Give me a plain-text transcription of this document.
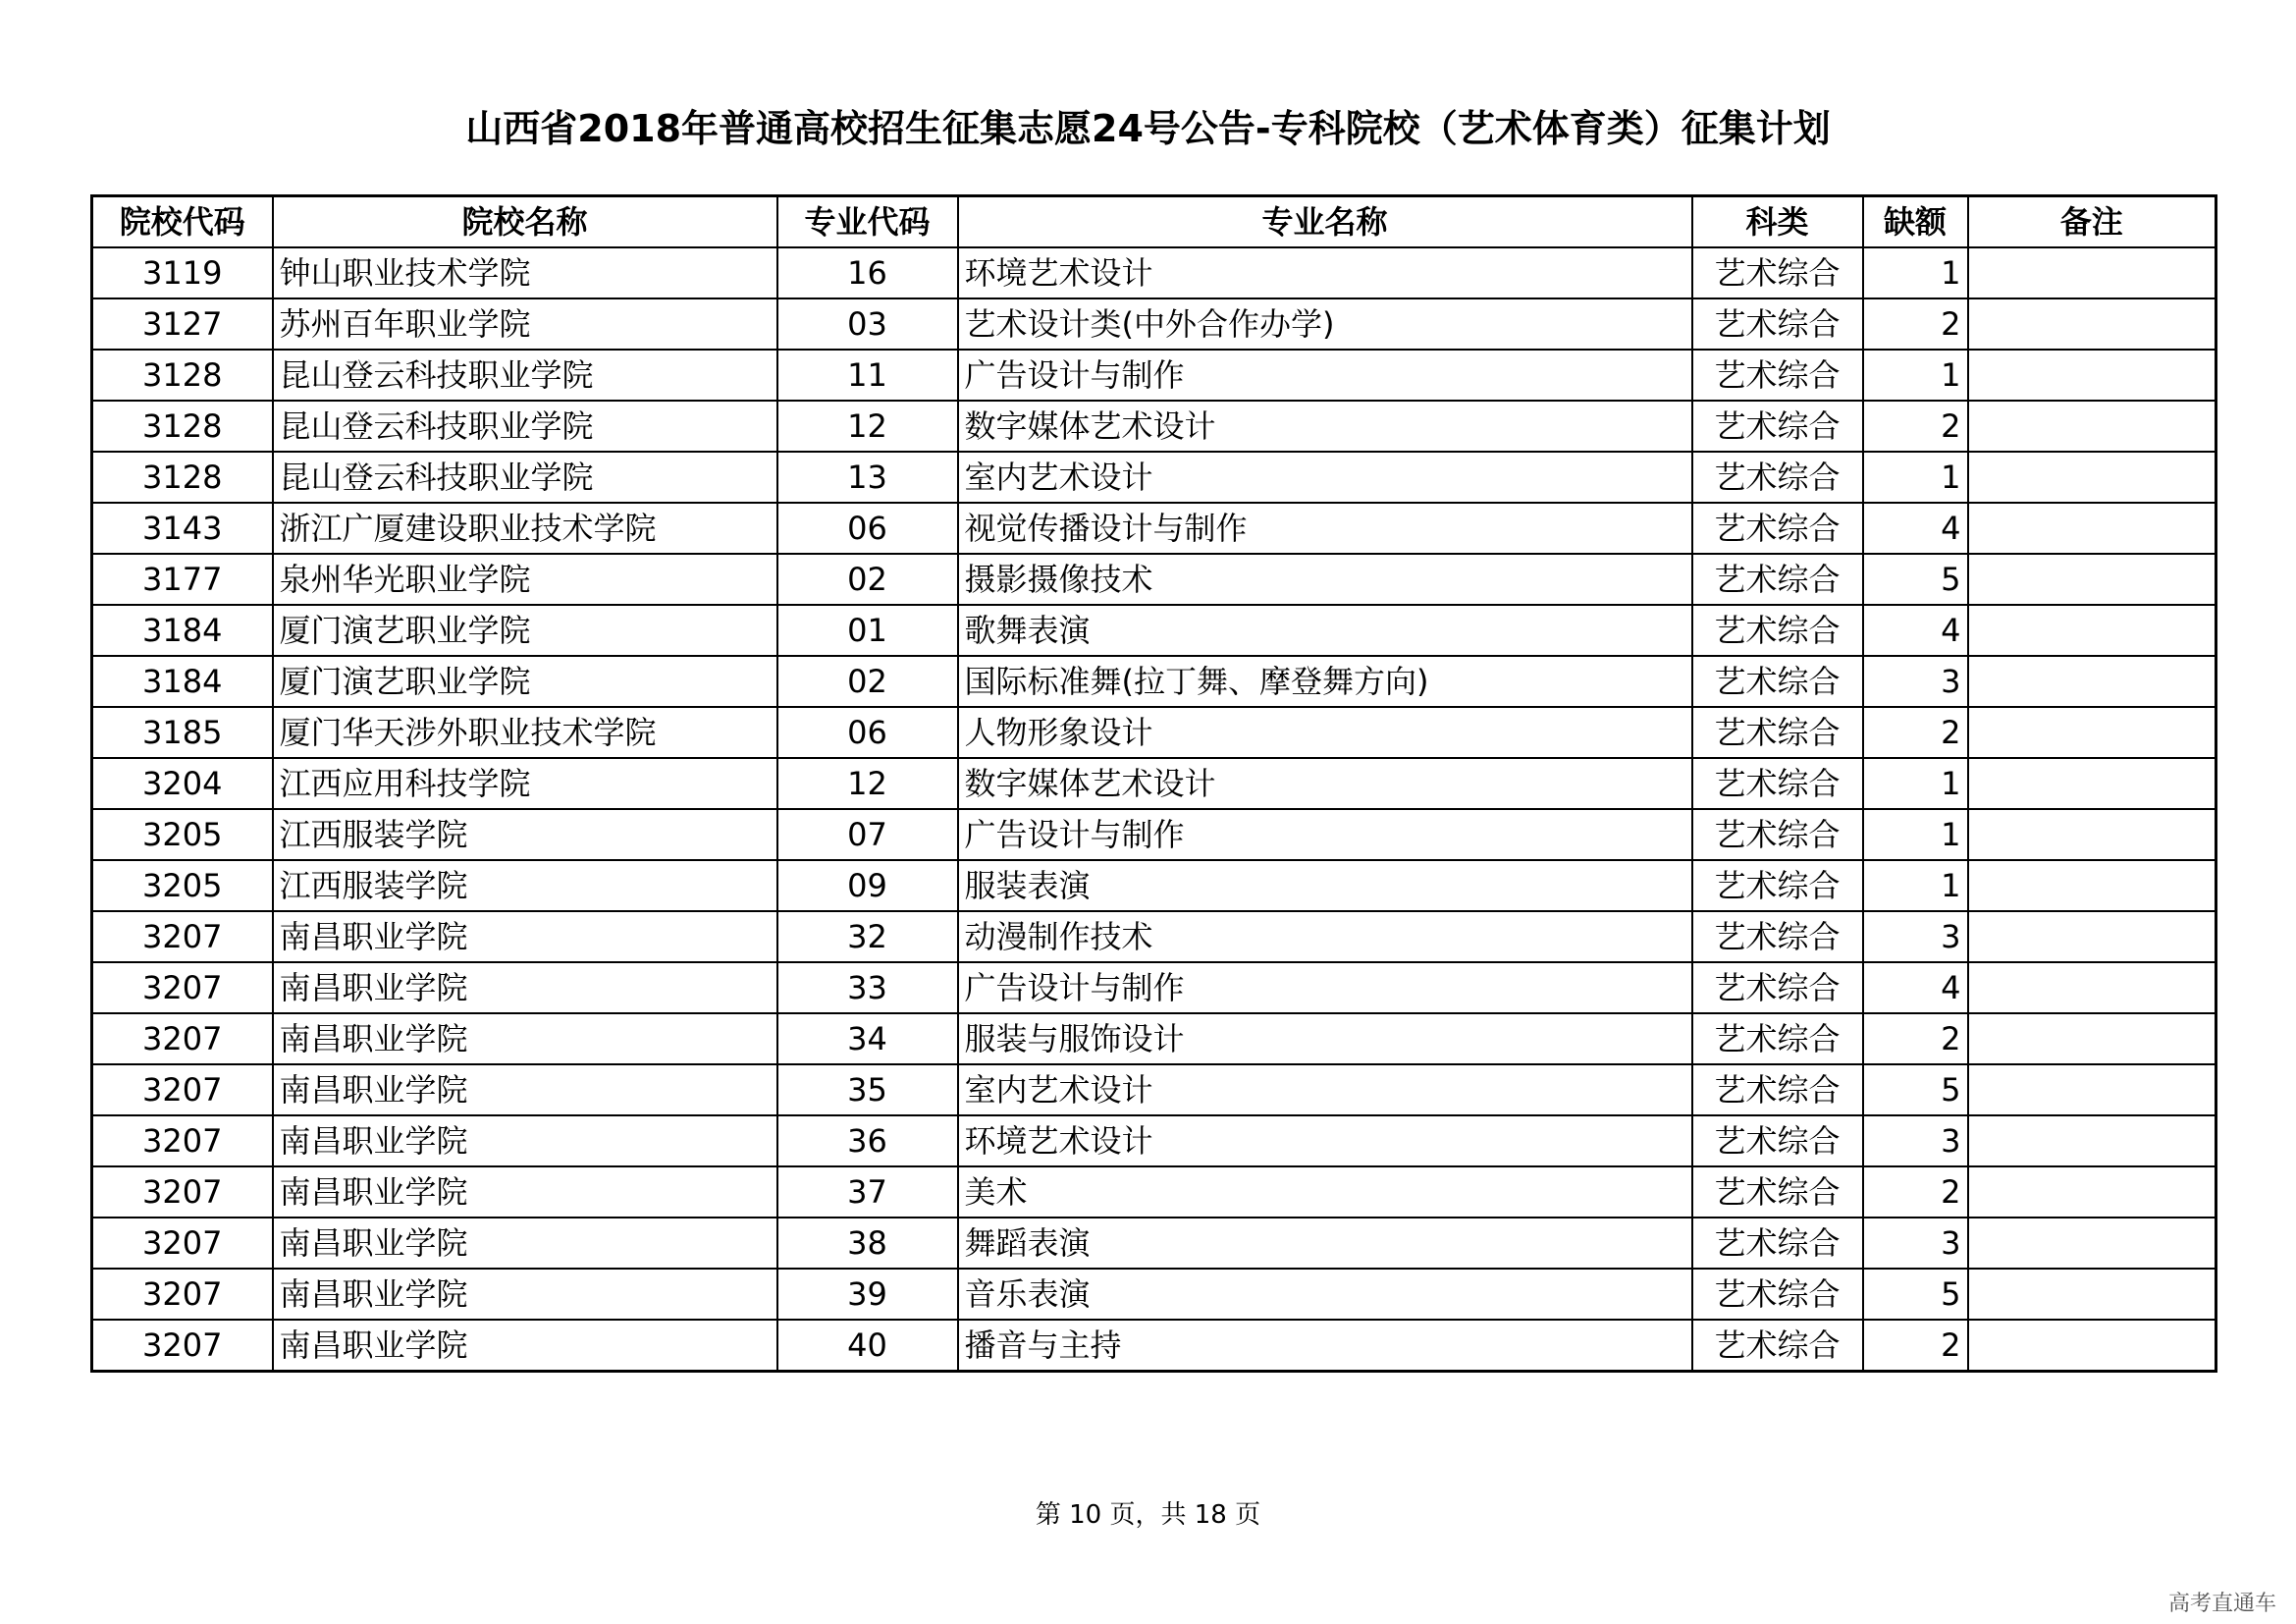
山西省2018年普通高校招生征集志愿24号公告-专科院校（艺术体育类）征集计划
院校代码	院校名称	专业代码	专业名称	科类	缺额	备注
3119	钟山职业技术学院	16	环境艺术设计	艺术综合	1	
3127	苏州百年职业学院	03	艺术设计类(中外合作办学)	艺术综合	2	
3128	昆山登云科技职业学院	11	广告设计与制作	艺术综合	1	
3128	昆山登云科技职业学院	12	数字媒体艺术设计	艺术综合	2	
3128	昆山登云科技职业学院	13	室内艺术设计	艺术综合	1	
3143	浙江广厦建设职业技术学院	06	视觉传播设计与制作	艺术综合	4	
3177	泉州华光职业学院	02	摄影摄像技术	艺术综合	5	
3184	厦门演艺职业学院	01	歌舞表演	艺术综合	4	
3184	厦门演艺职业学院	02	国际标准舞(拉丁舞、摩登舞方向)	艺术综合	3	
3185	厦门华天涉外职业技术学院	06	人物形象设计	艺术综合	2	
3204	江西应用科技学院	12	数字媒体艺术设计	艺术综合	1	
3205	江西服装学院	07	广告设计与制作	艺术综合	1	
3205	江西服装学院	09	服装表演	艺术综合	1	
3207	南昌职业学院	32	动漫制作技术	艺术综合	3	
3207	南昌职业学院	33	广告设计与制作	艺术综合	4	
3207	南昌职业学院	34	服装与服饰设计	艺术综合	2	
3207	南昌职业学院	35	室内艺术设计	艺术综合	5	
3207	南昌职业学院	36	环境艺术设计	艺术综合	3	
3207	南昌职业学院	37	美术	艺术综合	2	
3207	南昌职业学院	38	舞蹈表演	艺术综合	3	
3207	南昌职业学院	39	音乐表演	艺术综合	5	
3207	南昌职业学院	40	播音与主持	艺术综合	2	
第 10 页，共 18 页
高考直通车
